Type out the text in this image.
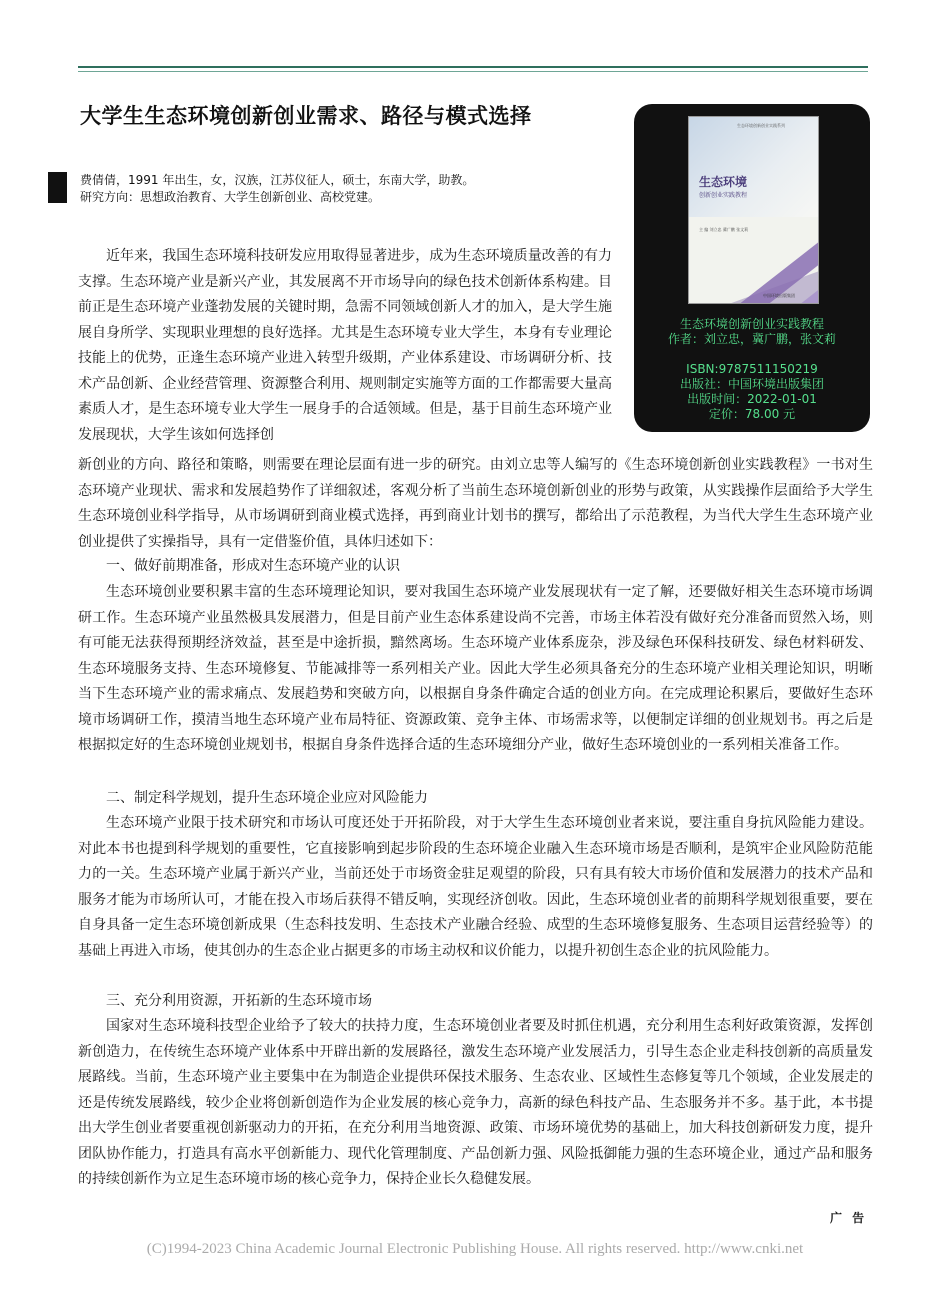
大学生生态环境创新创业需求、路径与模式选择
费倩倩，1991 年出生，女，汉族，江苏仪征人，硕士，东南大学，助教。
研究方向：思想政治教育、大学生创新创业、高校党建。
生态环境创新创业实践系列
生态环境
创新创业实践教程
主 编 刘立忠 冀广鹏 张文莉
中国环境出版集团
生态环境创新创业实践教程
作者：刘立忠，冀广鹏，张文莉
ISBN:9787511150219
出版社：中国环境出版集团
出版时间：2022-01-01
定价：78.00 元

近年来，我国生态环境科技研发应用取得显著进步，成为生态环境质量改善的有力支撑。生态环境产业是新兴产业，其发展离不开市场导向的绿色技术创新体系构建。目前正是生态环境产业蓬勃发展的关键时期，急需不同领域创新人才的加入，是大学生施展自身所学、实现职业理想的良好选择。尤其是生态环境专业大学生，本身有专业理论技能上的优势，正逢生态环境产业进入转型升级期，产业体系建设、市场调研分析、技术产品创新、企业经营管理、资源整合利用、规则制定实施等方面的工作都需要大量高素质人才，是生态环境专业大学生一展身手的合适领域。但是，基于目前生态环境产业发展现状，大学生该如何选择创

新创业的方向、路径和策略，则需要在理论层面有进一步的研究。由刘立忠等人编写的《生态环境创新创业实践教程》一书对生态环境产业现状、需求和发展趋势作了详细叙述，客观分析了当前生态环境创新创业的形势与政策，从实践操作层面给予大学生生态环境创业科学指导，从市场调研到商业模式选择，再到商业计划书的撰写，都给出了示范教程，为当代大学生生态环境产业创业提供了实操指导，具有一定借鉴价值，具体归述如下：

一、做好前期准备，形成对生态环境产业的认识

生态环境创业要积累丰富的生态环境理论知识，要对我国生态环境产业发展现状有一定了解，还要做好相关生态环境市场调研工作。生态环境产业虽然极具发展潜力，但是目前产业生态体系建设尚不完善，市场主体若没有做好充分准备而贸然入场，则有可能无法获得预期经济效益，甚至是中途折损，黯然离场。生态环境产业体系庞杂，涉及绿色环保科技研发、绿色材料研发、生态环境服务支持、生态环境修复、节能减排等一系列相关产业。因此大学生必须具备充分的生态环境产业相关理论知识，明晰当下生态环境产业的需求痛点、发展趋势和突破方向，以根据自身条件确定合适的创业方向。在完成理论积累后，要做好生态环境市场调研工作，摸清当地生态环境产业布局特征、资源政策、竞争主体、市场需求等，以便制定详细的创业规划书。再之后是根据拟定好的生态环境创业规划书，根据自身条件选择合适的生态环境细分产业，做好生态环境创业的一系列相关准备工作。

二、制定科学规划，提升生态环境企业应对风险能力

生态环境产业限于技术研究和市场认可度还处于开拓阶段，对于大学生生态环境创业者来说，要注重自身抗风险能力建设。对此本书也提到科学规划的重要性，它直接影响到起步阶段的生态环境企业融入生态环境市场是否顺利，是筑牢企业风险防范能力的一关。生态环境产业属于新兴产业，当前还处于市场资金驻足观望的阶段，只有具有较大市场价值和发展潜力的技术产品和服务才能为市场所认可，才能在投入市场后获得不错反响，实现经济创收。因此，生态环境创业者的前期科学规划很重要，要在自身具备一定生态环境创新成果（生态科技发明、生态技术产业融合经验、成型的生态环境修复服务、生态项目运营经验等）的基础上再进入市场，使其创办的生态企业占据更多的市场主动权和议价能力，以提升初创生态企业的抗风险能力。

三、充分利用资源，开拓新的生态环境市场

国家对生态环境科技型企业给予了较大的扶持力度，生态环境创业者要及时抓住机遇，充分利用生态利好政策资源，发挥创新创造力，在传统生态环境产业体系中开辟出新的发展路径，激发生态环境产业发展活力，引导生态企业走科技创新的高质量发展路线。当前，生态环境产业主要集中在为制造企业提供环保技术服务、生态农业、区域性生态修复等几个领域，企业发展走的还是传统发展路线，较少企业将创新创造作为企业发展的核心竞争力，高新的绿色科技产品、生态服务并不多。基于此，本书提出大学生创业者要重视创新驱动力的开拓，在充分利用当地资源、政策、市场环境优势的基础上，加大科技创新研发力度，提升团队协作能力，打造具有高水平创新能力、现代化管理制度、产品创新力强、风险抵御能力强的生态环境企业，通过产品和服务的持续创新作为立足生态环境市场的核心竞争力，保持企业长久稳健发展。

广 告
(C)1994-2023 China Academic Journal Electronic Publishing House. All rights reserved. http://www.cnki.net
